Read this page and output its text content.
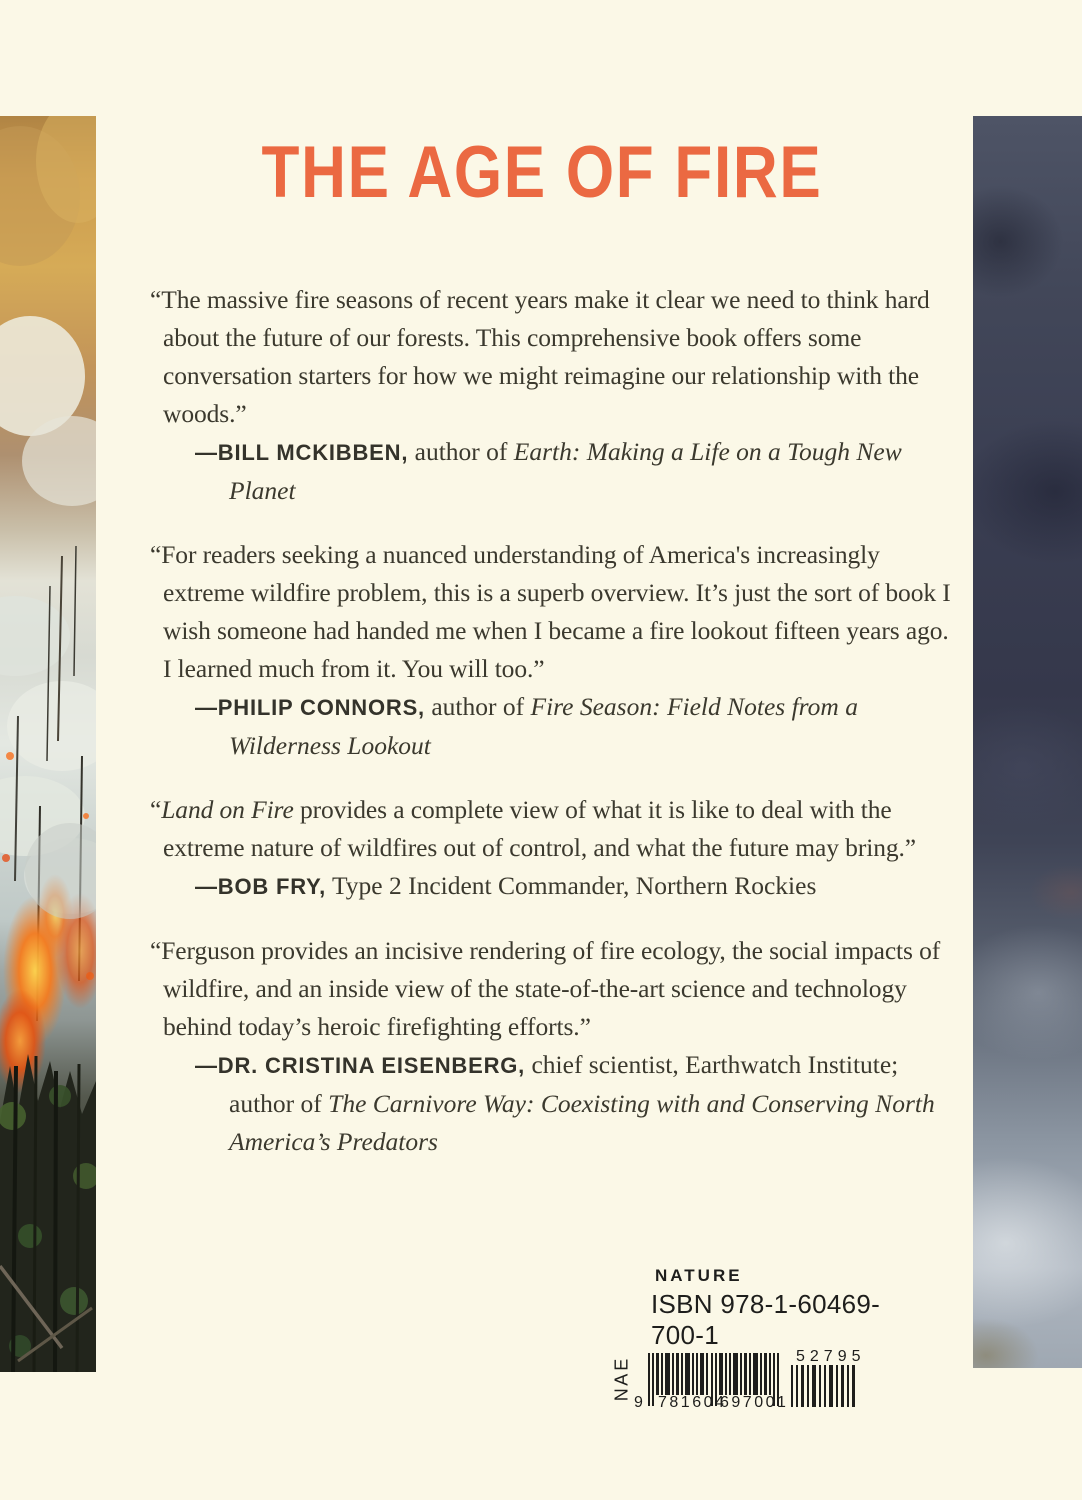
THE AGE OF FIRE

“The massive fire seasons of recent years make it clear we need to think hard about the future of our forests. This comprehensive book offers some conversation starters for how we might reimagine our relationship with the woods.”

—BILL MCKIBBEN, author of Earth: Making a Life on a Tough New Planet

“For readers seeking a nuanced understanding of America's increasingly extreme wildfire problem, this is a superb overview. It’s just the sort of book I wish someone had handed me when I became a fire lookout fifteen years ago. I learned much from it. You will too.”

—PHILIP CONNORS, author of Fire Season: Field Notes from a Wilderness Lookout

“Land on Fire provides a complete view of what it is like to deal with the extreme nature of wildfires out of control, and what the future may bring.”

—BOB FRY, Type 2 Incident Commander, Northern Rockies

“Ferguson provides an incisive rendering of fire ecology, the social impacts of wildfire, and an inside view of the state-of-the-art science and technology behind today’s heroic firefighting efforts.”

—DR. CRISTINA EISENBERG, chief scientist, Earthwatch Institute; author of The Carnivore Way: Coexisting with and Conserving North America’s Predators

NATURE
ISBN 978-1-60469-700-1
E
A
N 9 781604
697001
52795
